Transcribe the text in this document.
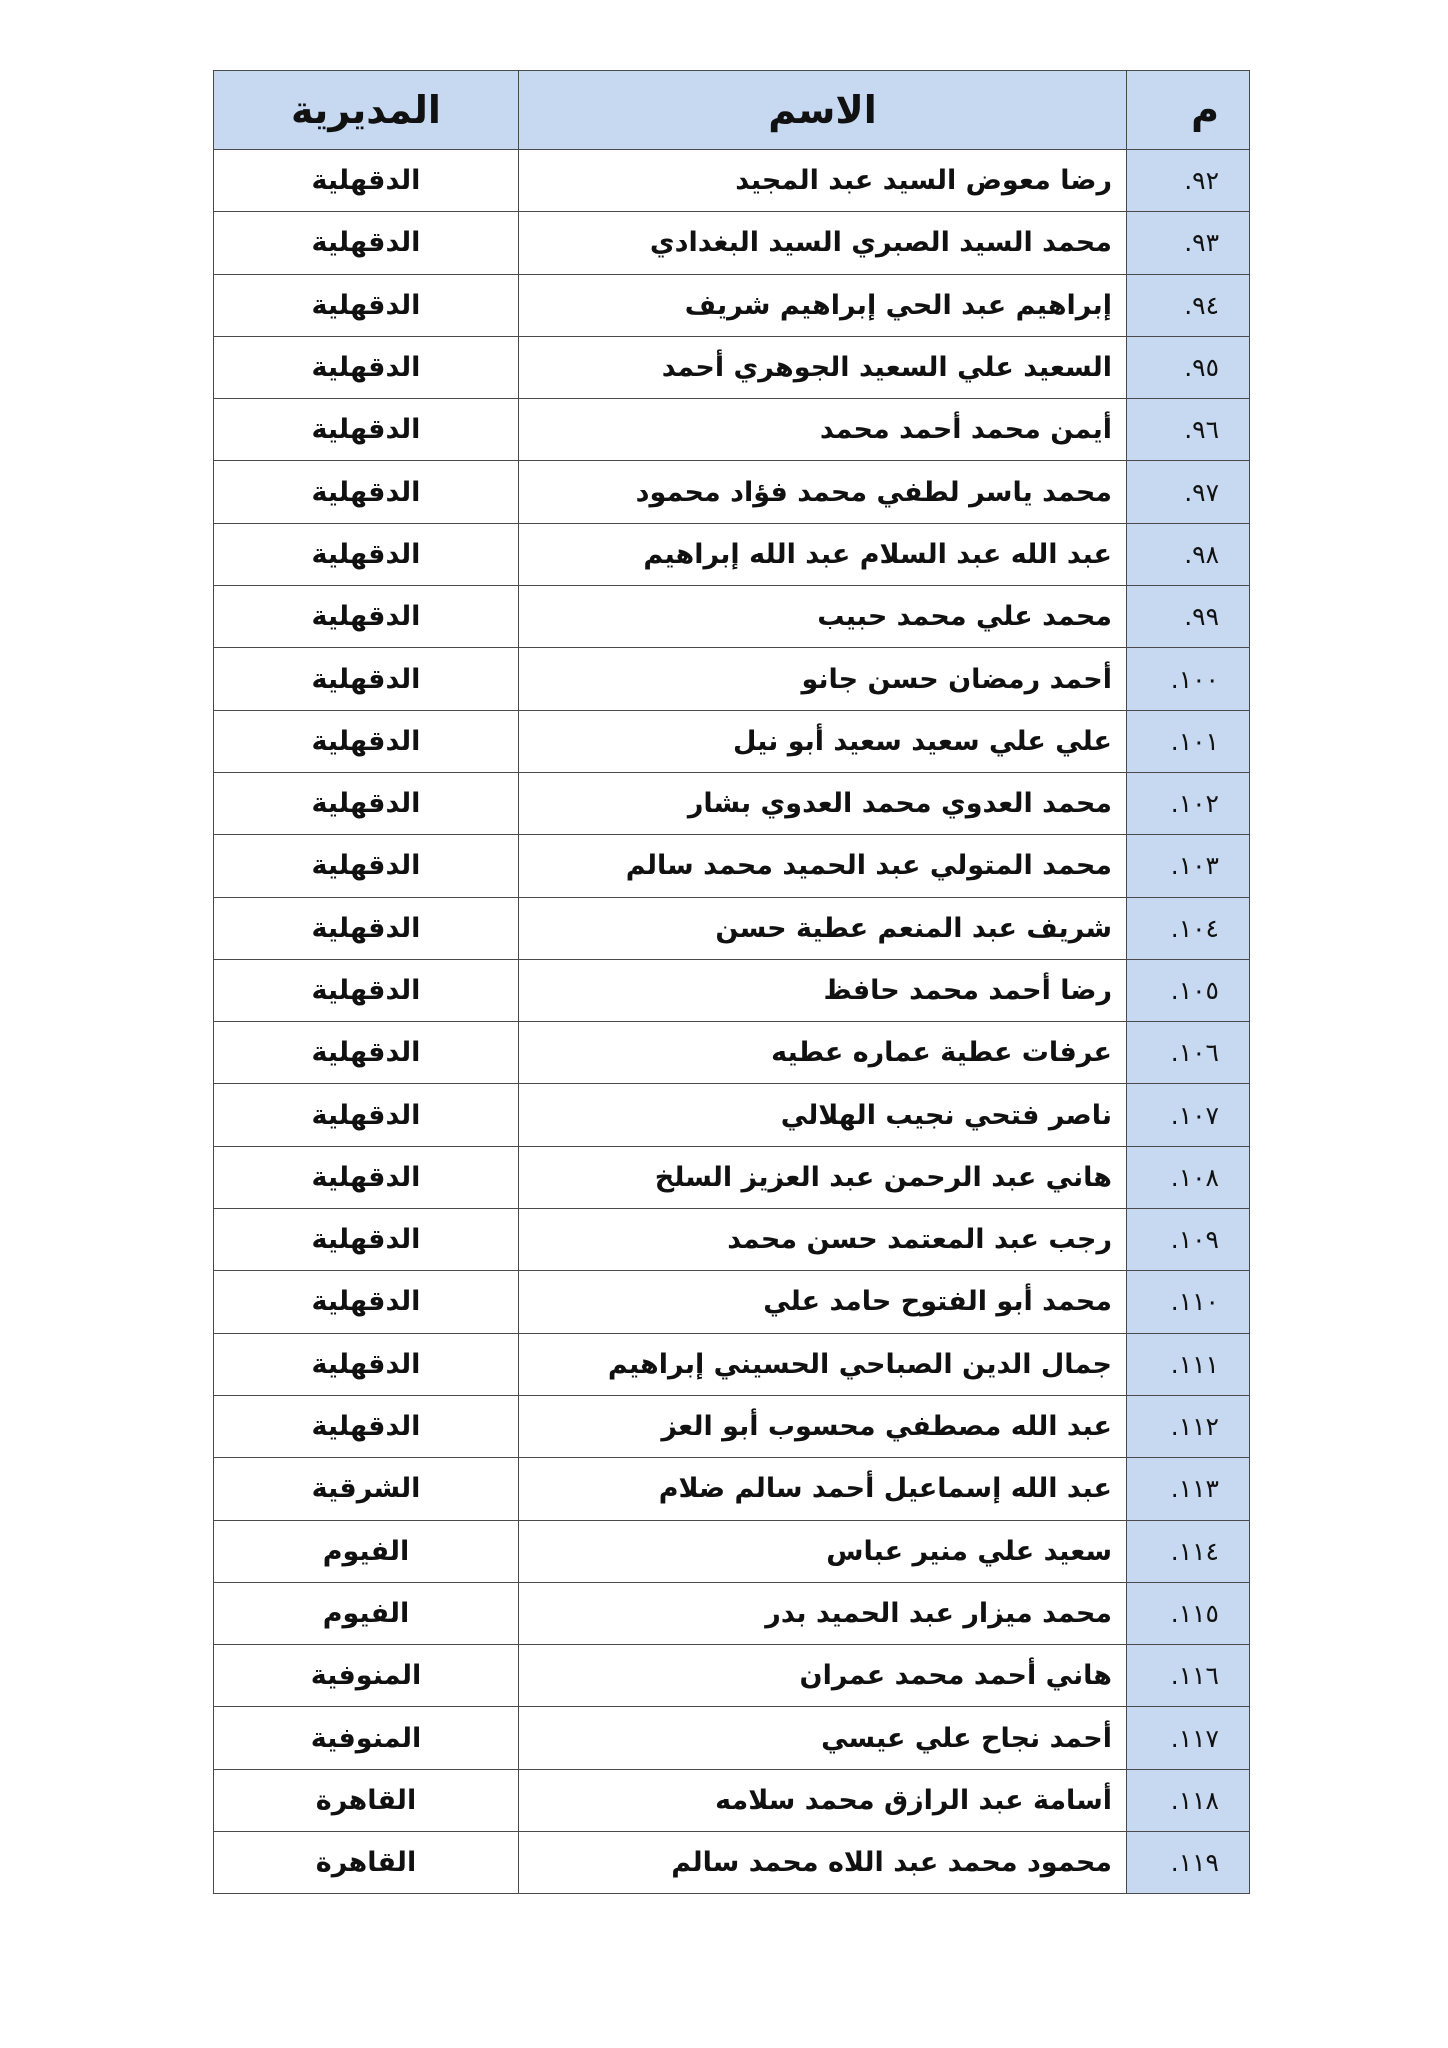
م	الاسم	المديرية
٩٢.	رضا معوض السيد عبد المجيد	الدقهلية
٩٣.	محمد السيد الصبري السيد البغدادي	الدقهلية
٩٤.	إبراهيم عبد الحي إبراهيم شريف	الدقهلية
٩٥.	السعيد علي السعيد الجوهري أحمد	الدقهلية
٩٦.	أيمن محمد أحمد محمد	الدقهلية
٩٧.	محمد ياسر لطفي محمد فؤاد محمود	الدقهلية
٩٨.	عبد الله عبد السلام عبد الله إبراهيم	الدقهلية
٩٩.	محمد علي محمد حبيب	الدقهلية
١٠٠.	أحمد رمضان حسن جانو	الدقهلية
١٠١.	علي علي سعيد سعيد أبو نيل	الدقهلية
١٠٢.	محمد العدوي محمد العدوي بشار	الدقهلية
١٠٣.	محمد المتولي عبد الحميد محمد سالم	الدقهلية
١٠٤.	شريف عبد المنعم عطية حسن	الدقهلية
١٠٥.	رضا أحمد محمد حافظ	الدقهلية
١٠٦.	عرفات عطية عماره عطيه	الدقهلية
١٠٧.	ناصر فتحي نجيب الهلالي	الدقهلية
١٠٨.	هاني عبد الرحمن عبد العزيز السلخ	الدقهلية
١٠٩.	رجب عبد المعتمد حسن محمد	الدقهلية
١١٠.	محمد أبو الفتوح حامد علي	الدقهلية
١١١.	جمال الدين الصباحي الحسيني إبراهيم	الدقهلية
١١٢.	عبد الله مصطفي محسوب أبو العز	الدقهلية
١١٣.	عبد الله إسماعيل أحمد سالم ضلام	الشرقية
١١٤.	سعيد علي منير عباس	الفيوم
١١٥.	محمد ميزار عبد الحميد بدر	الفيوم
١١٦.	هاني أحمد محمد عمران	المنوفية
١١٧.	أحمد نجاح علي عيسي	المنوفية
١١٨.	أسامة عبد الرازق محمد سلامه	القاهرة
١١٩.	محمود محمد عبد اللاه محمد سالم	القاهرة
